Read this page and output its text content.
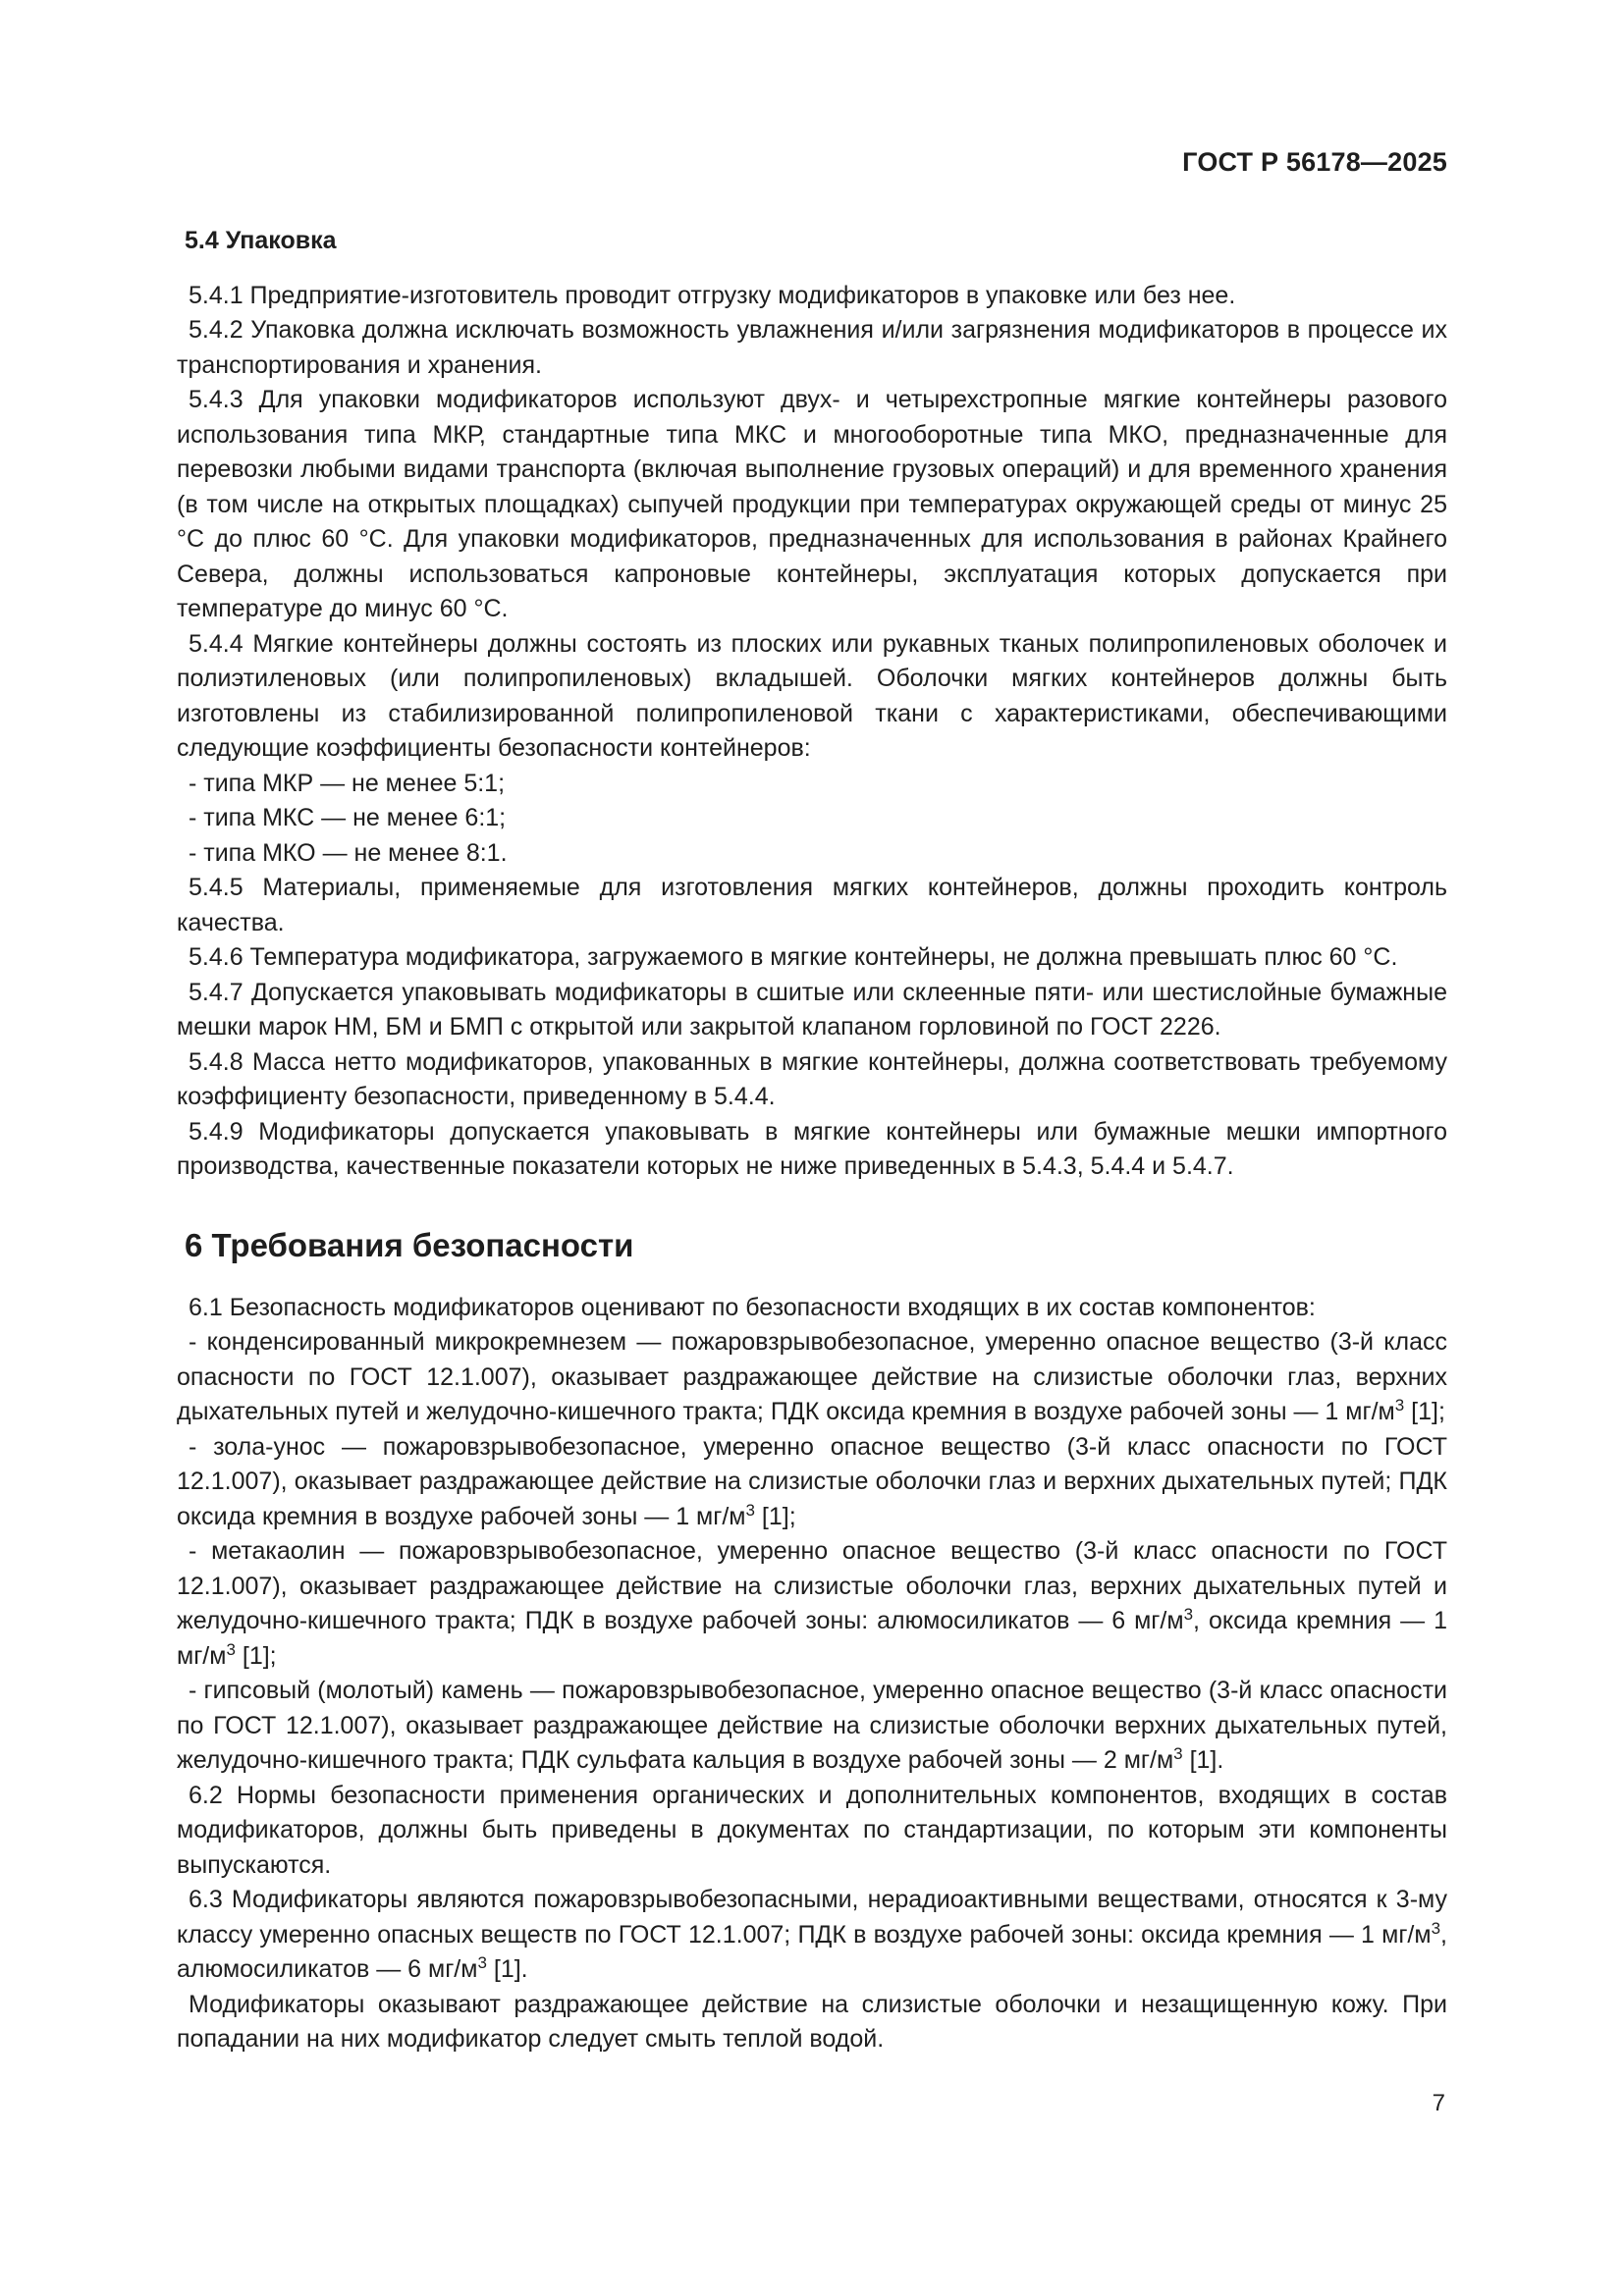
ГОСТ Р 56178—2025
5.4 Упаковка

5.4.1 Предприятие-изготовитель проводит отгрузку модификаторов в упаковке или без нее.

5.4.2 Упаковка должна исключать возможность увлажнения и/или загрязнения модификаторов в процессе их транспортирования и хранения.

5.4.3 Для упаковки модификаторов используют двух- и четырехстропные мягкие контейнеры разового использования типа МКР, стандартные типа МКС и многооборотные типа МКО, предназначенные для перевозки любыми видами транспорта (включая выполнение грузовых операций) и для временного хранения (в том числе на открытых площадках) сыпучей продукции при температурах окружающей среды от минус 25 °С до плюс 60 °С. Для упаковки модификаторов, предназначенных для использования в районах Крайнего Севера, должны использоваться капроновые контейнеры, эксплуатация которых допускается при температуре до минус 60 °С.

5.4.4 Мягкие контейнеры должны состоять из плоских или рукавных тканых полипропиленовых оболочек и полиэтиленовых (или полипропиленовых) вкладышей. Оболочки мягких контейнеров должны быть изготовлены из стабилизированной полипропиленовой ткани с характеристиками, обеспечивающими следующие коэффициенты безопасности контейнеров:

- типа МКР — не менее 5:1;

- типа МКС — не менее 6:1;

- типа МКО — не менее 8:1.

5.4.5 Материалы, применяемые для изготовления мягких контейнеров, должны проходить контроль качества.

5.4.6 Температура модификатора, загружаемого в мягкие контейнеры, не должна превышать плюс 60 °С.

5.4.7 Допускается упаковывать модификаторы в сшитые или склеенные пяти- или шестислойные бумажные мешки марок НМ, БМ и БМП с открытой или закрытой клапаном горловиной по ГОСТ 2226.

5.4.8 Масса нетто модификаторов, упакованных в мягкие контейнеры, должна соответствовать требуемому коэффициенту безопасности, приведенному в 5.4.4.

5.4.9 Модификаторы допускается упаковывать в мягкие контейнеры или бумажные мешки импортного производства, качественные показатели которых не ниже приведенных в 5.4.3, 5.4.4 и 5.4.7.

6 Требования безопасности

6.1 Безопасность модификаторов оценивают по безопасности входящих в их состав компонентов:

- конденсированный микрокремнезем — пожаровзрывобезопасное, умеренно опасное вещество (3-й класс опасности по ГОСТ 12.1.007), оказывает раздражающее действие на слизистые оболочки глаз, верхних дыхательных путей и желудочно-кишечного тракта; ПДК оксида кремния в воздухе рабочей зоны — 1 $мг/м^3$ [1];

- зола-унос — пожаровзрывобезопасное, умеренно опасное вещество (3-й класс опасности по ГОСТ 12.1.007), оказывает раздражающее действие на слизистые оболочки глаз и верхних дыхательных путей; ПДК оксида кремния в воздухе рабочей зоны — 1 $мг/м^3$ [1];

- метакаолин — пожаровзрывобезопасное, умеренно опасное вещество (3-й класс опасности по ГОСТ 12.1.007), оказывает раздражающее действие на слизистые оболочки глаз, верхних дыхательных путей и желудочно-кишечного тракта; ПДК в воздухе рабочей зоны: алюмосиликатов — 6 $мг/м^3$, оксида кремния — 1 $мг/м^3$ [1];

- гипсовый (молотый) камень — пожаровзрывобезопасное, умеренно опасное вещество (3-й класс опасности по ГОСТ 12.1.007), оказывает раздражающее действие на слизистые оболочки верхних дыхательных путей, желудочно-кишечного тракта; ПДК сульфата кальция в воздухе рабочей зоны — 2 $мг/м^3$ [1].

6.2 Нормы безопасности применения органических и дополнительных компонентов, входящих в состав модификаторов, должны быть приведены в документах по стандартизации, по которым эти компоненты выпускаются.

6.3 Модификаторы являются пожаровзрывобезопасными, нерадиоактивными веществами, относятся к 3-му классу умеренно опасных веществ по ГОСТ 12.1.007; ПДК в воздухе рабочей зоны: оксида кремния — 1 $мг/м^3$, алюмосиликатов — 6 $мг/м^3$ [1].

Модификаторы оказывают раздражающее действие на слизистые оболочки и незащищенную кожу. При попадании на них модификатор следует смыть теплой водой.

7
